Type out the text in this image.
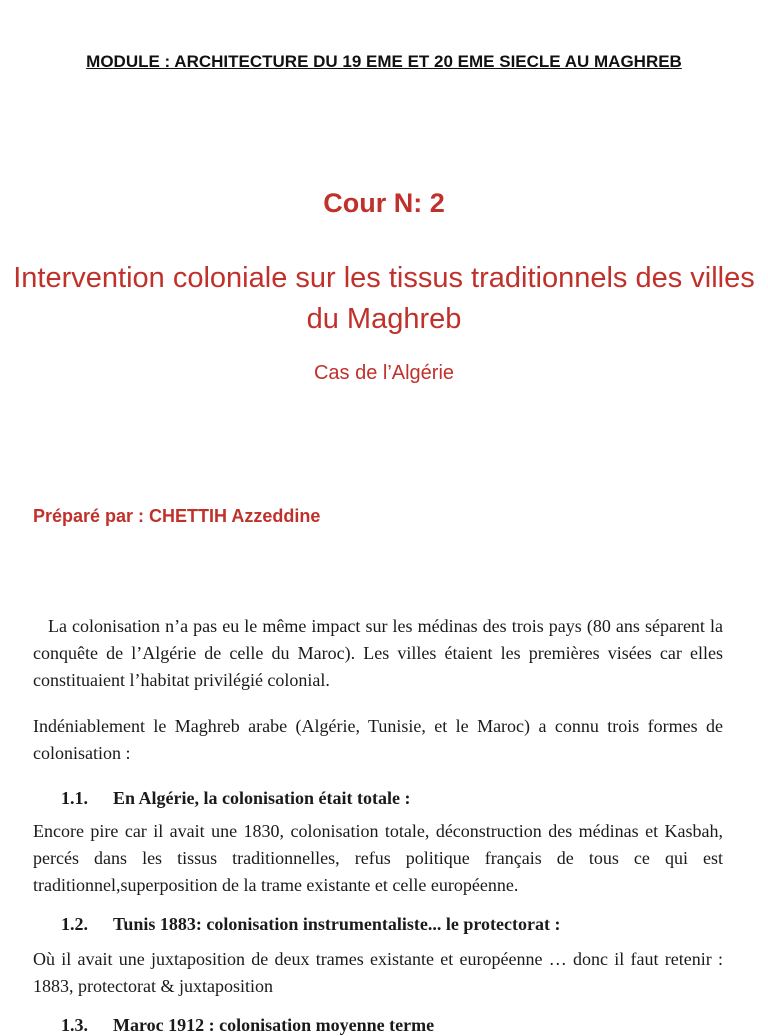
MODULE : ARCHITECTURE DU 19 EME ET 20 EME SIECLE AU MAGHREB
Cour N: 2
Intervention coloniale sur les tissus traditionnels des villes du Maghreb
Cas de l’Algérie
Préparé par : CHETTIH Azzeddine
La colonisation n’a pas eu le même impact sur les médinas des trois pays (80 ans séparent la conquête de l’Algérie de celle du Maroc). Les villes étaient les premières visées car elles constituaient l’habitat privilégié colonial.
Indéniablement le Maghreb arabe (Algérie, Tunisie, et le Maroc) a connu trois formes de colonisation :
1.1. En Algérie, la colonisation était totale :
Encore pire car il avait une 1830, colonisation totale, déconstruction des médinas et Kasbah, percés dans les tissus traditionnelles, refus politique français de tous ce qui est traditionnel,superposition de la trame existante et celle européenne.
1.2. Tunis 1883: colonisation instrumentaliste... le protectorat :
Où il avait une juxtaposition de deux trames existante et européenne … donc il faut retenir : 1883, protectorat & juxtaposition
1.3. Maroc 1912 : colonisation moyenne terme
